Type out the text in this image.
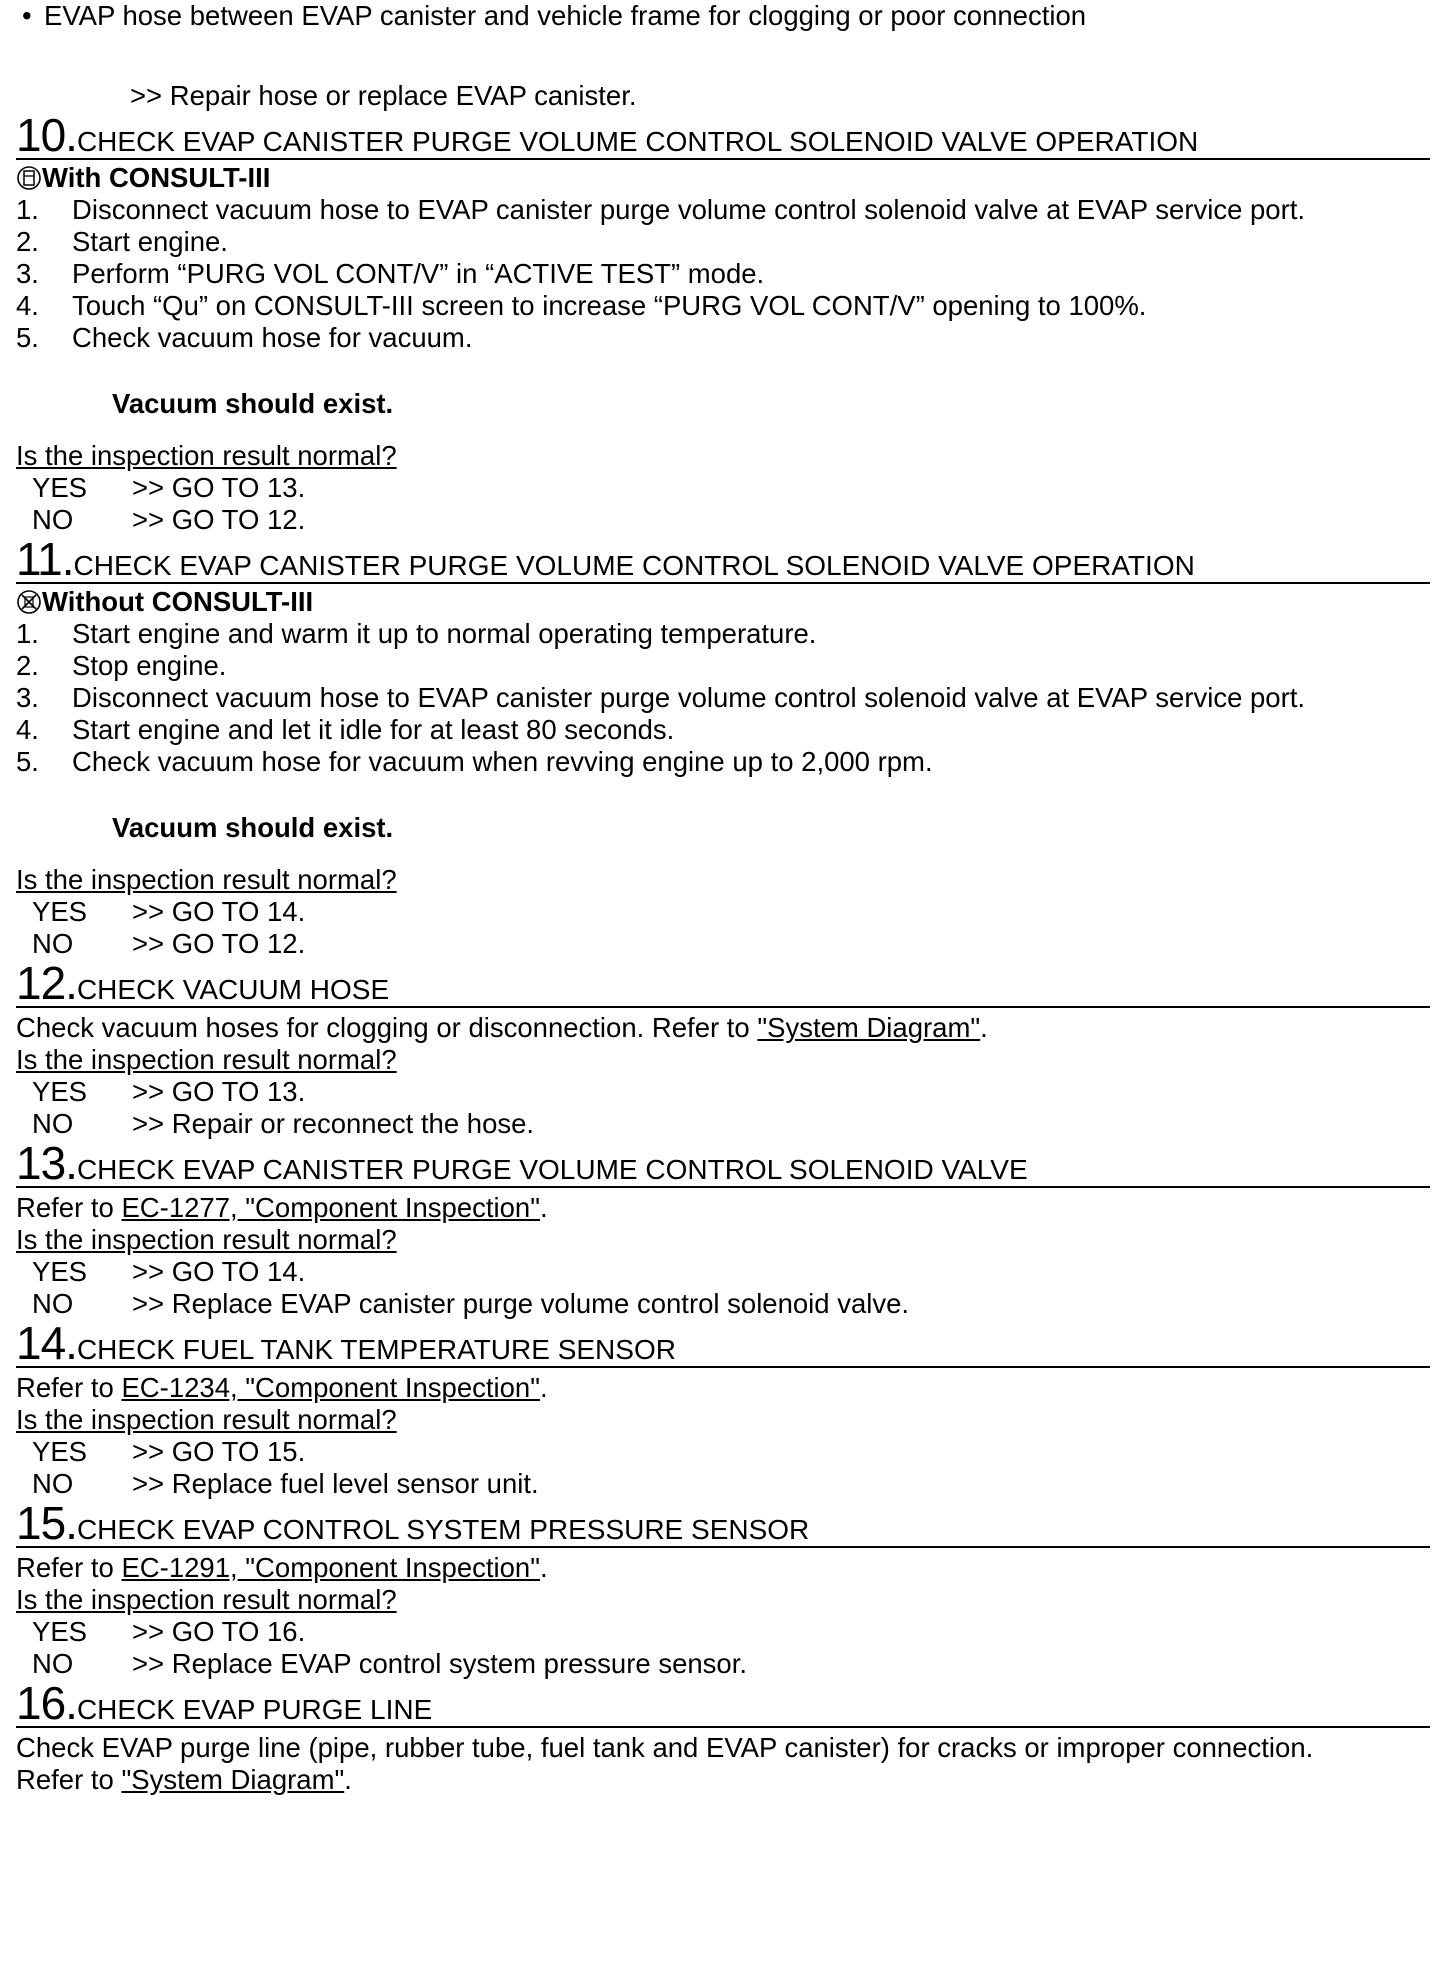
• EVAP hose between EVAP canister and vehicle frame for clogging or poor connection
>> Repair hose or replace EVAP canister.
10.CHECK EVAP CANISTER PURGE VOLUME CONTROL SOLENOID VALVE OPERATION
With CONSULT-III
1. Disconnect vacuum hose to EVAP canister purge volume control solenoid valve at EVAP service port.
2. Start engine.
3. Perform “PURG VOL CONT/V” in “ACTIVE TEST” mode.
4. Touch “Qu” on CONSULT-III screen to increase “PURG VOL CONT/V” opening to 100%.
5. Check vacuum hose for vacuum.
Vacuum should exist.
Is the inspection result normal?
YES >> GO TO 13.
NO >> GO TO 12.
11.CHECK EVAP CANISTER PURGE VOLUME CONTROL SOLENOID VALVE OPERATION
Without CONSULT-III
1. Start engine and warm it up to normal operating temperature.
2. Stop engine.
3. Disconnect vacuum hose to EVAP canister purge volume control solenoid valve at EVAP service port.
4. Start engine and let it idle for at least 80 seconds.
5. Check vacuum hose for vacuum when revving engine up to 2,000 rpm.
Vacuum should exist.
Is the inspection result normal?
YES >> GO TO 14.
NO >> GO TO 12.
12.CHECK VACUUM HOSE
Check vacuum hoses for clogging or disconnection. Refer to "System Diagram".
Is the inspection result normal?
YES >> GO TO 13.
NO >> Repair or reconnect the hose.
13.CHECK EVAP CANISTER PURGE VOLUME CONTROL SOLENOID VALVE
Refer to EC-1277, "Component Inspection".
Is the inspection result normal?
YES >> GO TO 14.
NO >> Replace EVAP canister purge volume control solenoid valve.
14.CHECK FUEL TANK TEMPERATURE SENSOR
Refer to EC-1234, "Component Inspection".
Is the inspection result normal?
YES >> GO TO 15.
NO >> Replace fuel level sensor unit.
15.CHECK EVAP CONTROL SYSTEM PRESSURE SENSOR
Refer to EC-1291, "Component Inspection".
Is the inspection result normal?
YES >> GO TO 16.
NO >> Replace EVAP control system pressure sensor.
16.CHECK EVAP PURGE LINE
Check EVAP purge line (pipe, rubber tube, fuel tank and EVAP canister) for cracks or improper connection.
Refer to "System Diagram".
